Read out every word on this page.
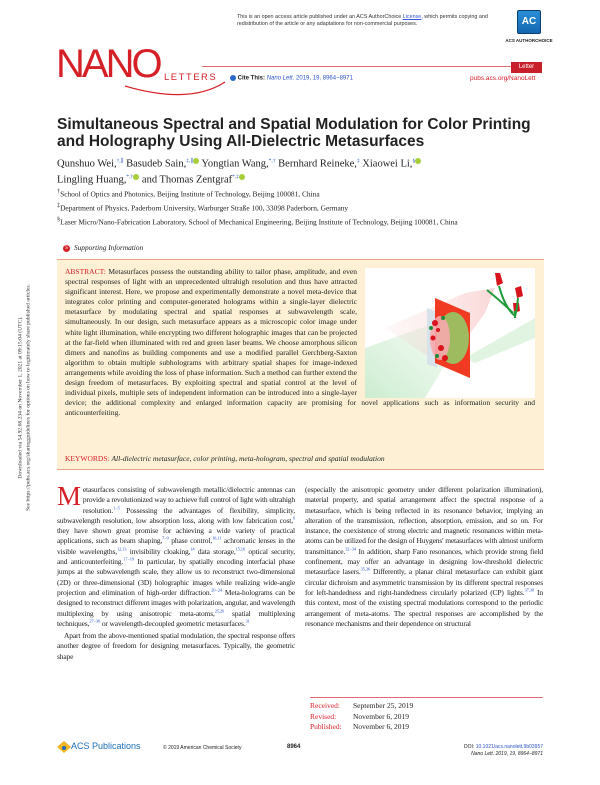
Downloaded via 54.92.68.234 on November 1, 2021 at 09:15:04 (UTC). See https://pubs.acs.org/sharingguidelines for options on how to legitimately share published articles.
This is an open access article published under an ACS AuthorChoice License, which permits copying and redistribution of the article or any adaptations for non-commercial purposes.	AC
ACS AUTHORCHOICE
NANO LETTERS
Letter
Cite This: Nano Lett. 2019, 19, 8964−8971	pubs.acs.org/NanoLett
Simultaneous Spectral and Spatial Modulation for Color Printing and Holography Using All-Dielectric Metasurfaces
Qunshuo Wei,†,∥ Basudeb Sain,‡,∥ Yongtian Wang,*,† Bernhard Reineke,‡ Xiaowei Li,§
Lingling Huang,*,† and Thomas Zentgraf*,‡
†School of Optics and Photonics, Beijing Institute of Technology, Beijing 100081, China
‡Department of Physics, Paderborn University, Warburger Straße 100, 33098 Paderborn, Germany
§Laser Micro/Nano-Fabrication Laboratory, School of Mechanical Engineering, Beijing Institute of Technology, Beijing 100081, China
S Supporting Information
ABSTRACT: Metasurfaces possess the outstanding ability to tailor phase, amplitude, and even spectral responses of light with an unprecedented ultrahigh resolution and thus have attracted significant interest. Here, we propose and experimentally demonstrate a novel meta-device that integrates color printing and computer-generated holograms within a single-layer dielectric metasurface by modulating spectral and spatial responses at subwavelength scale, simultaneously. In our design, such metasurface appears as a microscopic color image under white light illumination, while encrypting two different holographic images that can be projected at the far-field when illuminated with red and green laser beams. We choose amorphous silicon dimers and nanofins as building components and use a modified parallel Gerchberg-Saxton algorithm to obtain multiple subholograms with arbitrary spatial shapes for image-indexed arrangements while avoiding the loss of phase information. Such a method can further extend the design freedom of metasurfaces. By exploiting spectral and spatial control at the level of individual pixels, multiple sets of independent information can be introduced into a single-layer device; the additional complexity and enlarged information capacity are promising for novel applications such as information security and anticounterfeiting.
KEYWORDS: All-dielectric metasurface, color printing, meta-hologram, spectral and spatial modulation
Metasurfaces consisting of subwavelength metallic/dielectric antennas can provide a revolutionized way to achieve full control of light with ultrahigh resolution.$^{1-5}$ Possessing the advantages of flexibility, simplicity, subwavelength resolution, low absorption loss, along with low fabrication cost,$^6$ they have shown great promise for achieving a wide variety of practical applications, such as beam shaping,$^{7-9}$ phase control,$^{10,11}$ achromatic lenses in the visible wavelengths,$^{12,13}$ invisibility cloaking,$^{14}$ data storage,$^{15,16}$ optical security, and anticounterfeiting.$^{17-19}$ In particular, by spatially encoding interfacial phase jumps at the subwavelength scale, they allow us to reconstruct two-dimensional (2D) or three-dimensional (3D) holographic images while realizing wide-angle projection and elimination of high-order diffraction.$^{20-24}$ Meta-holograms can be designed to reconstruct different images with polarization, angular, and wavelength multiplexing by using anisotropic meta-atoms,$^{25,26}$ spatial multiplexing techniques,$^{27-30}$ or wavelength-decoupled geometric metasurfaces.$^{31}$

Apart from the above-mentioned spatial modulation, the spectral response offers another degree of freedom for designing metasurfaces. Typically, the geometric shape

(especially the anisotropic geometry under different polarization illumination), material property, and spatial arrangement affect the spectral response of a metasurface, which is being reflected in its resonance behavior, implying an alteration of the transmission, reflection, absorption, emission, and so on. For instance, the coexistence of strong electric and magnetic resonances within meta-atoms can be utilized for the design of Huygens' metasurfaces with almost uniform transmittance.$^{32-34}$ In addition, sharp Fano resonances, which provide strong field confinement, may offer an advantage in designing low-threshold dielectric metasurface lasers.$^{35,36}$ Differently, a planar chiral metasurface can exhibit giant circular dichroism and asymmetric transmission by its different spectral responses for left-handedness and right-handedness circularly polarized (CP) lights.$^{37,38}$ In this context, most of the existing spectral modulations correspond to the periodic arrangement of meta-atoms. The spectral responses are accomplished by the resonance mechanisms and their dependence on structural
Received: September 25, 2019
Revised: November 6, 2019
Published: November 6, 2019
ACS Publications	© 2019 American Chemical Society	8964	DOI: 10.1021/acs.nanolett.9b03957
Nano Lett. 2019, 19, 8964−8971
